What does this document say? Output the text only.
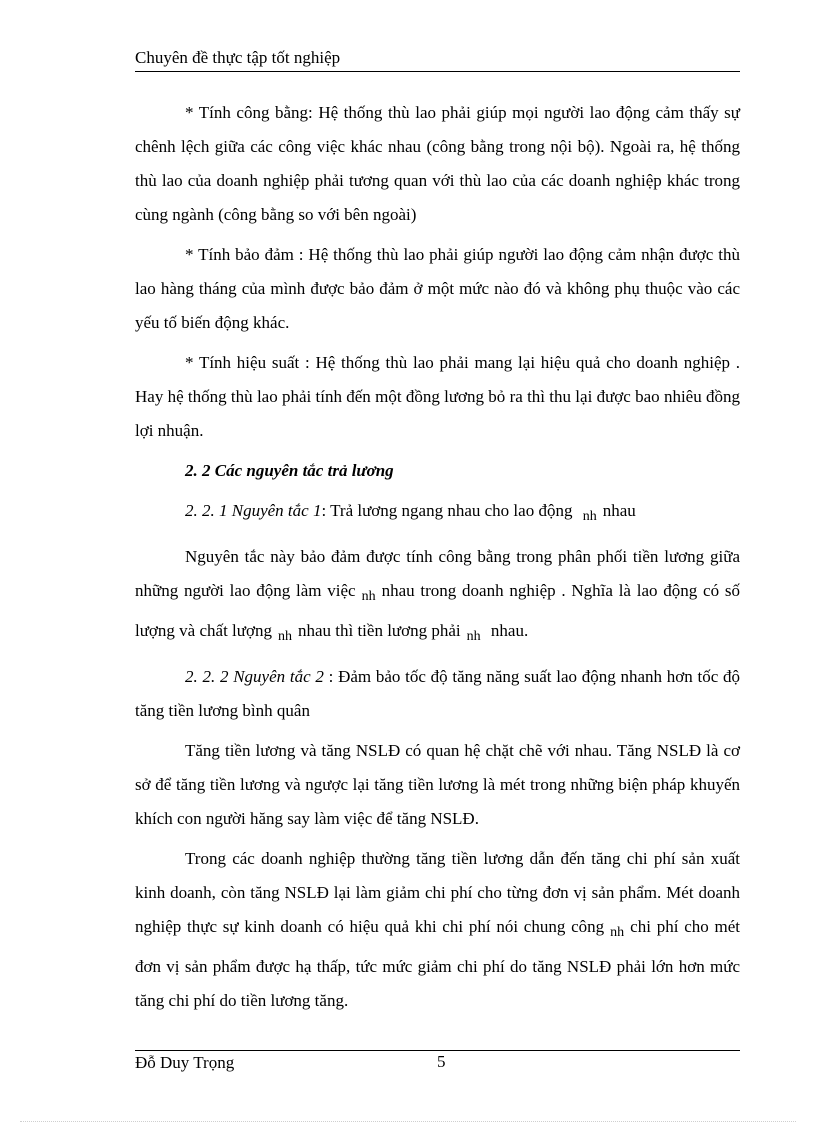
Chuyên đề thực tập tốt nghiệp

* Tính công bằng: Hệ thống thù lao phải giúp mọi người lao động cảm thấy sự chênh lệch giữa các công việc khác nhau (công bằng trong nội bộ). Ngoài ra, hệ thống thù lao của doanh nghiệp phải tương quan với thù lao của các doanh nghiệp khác trong cùng ngành (công bằng so với bên ngoài)

* Tính bảo đảm : Hệ thống thù lao phải giúp người lao động cảm nhận được thù lao hàng tháng của mình được bảo đảm ở một mức nào đó và không phụ thuộc vào các yếu tố biến động khác.

* Tính hiệu suất : Hệ thống thù lao phải mang lại hiệu quả cho doanh nghiệp . Hay hệ thống thù lao phải tính đến một đồng lương bỏ ra thì thu lại được bao nhiêu đồng lợi nhuận.

2. 2 Các nguyên tắc trả lương

2. 2. 1 Nguyên tắc 1: Trả lương ngang nhau cho lao động $_{nh}$ nhau

Nguyên tắc này bảo đảm được tính công bằng trong phân phối tiền lương giữa những người lao động làm việc $_{nh}$ nhau trong doanh nghiệp . Nghĩa là lao động có số lượng và chất lượng $_{nh}$ nhau thì tiền lương phải $_{nh}$ nhau.

2. 2. 2 Nguyên tắc 2 : Đảm bảo tốc độ tăng năng suất lao động nhanh hơn tốc độ tăng tiền lương bình quân

Tăng tiền lương và tăng NSLĐ có quan hệ chặt chẽ với nhau. Tăng NSLĐ là cơ sở để tăng tiền lương và ngược lại tăng tiền lương là mét trong những biện pháp khuyến khích con người hăng say làm việc để tăng NSLĐ.

Trong các doanh nghiệp thường tăng tiền lương dẫn đến tăng chi phí sản xuất kinh doanh, còn tăng NSLĐ lại làm giảm chi phí cho từng đơn vị sản phẩm. Mét doanh nghiệp thực sự kinh doanh có hiệu quả khi chi phí nói chung công $_{nh}$ chi phí cho mét đơn vị sản phẩm được hạ thấp, tức mức giảm chi phí do tăng NSLĐ phải lớn hơn mức tăng chi phí do tiền lương tăng.

Đỗ Duy Trọng	5
